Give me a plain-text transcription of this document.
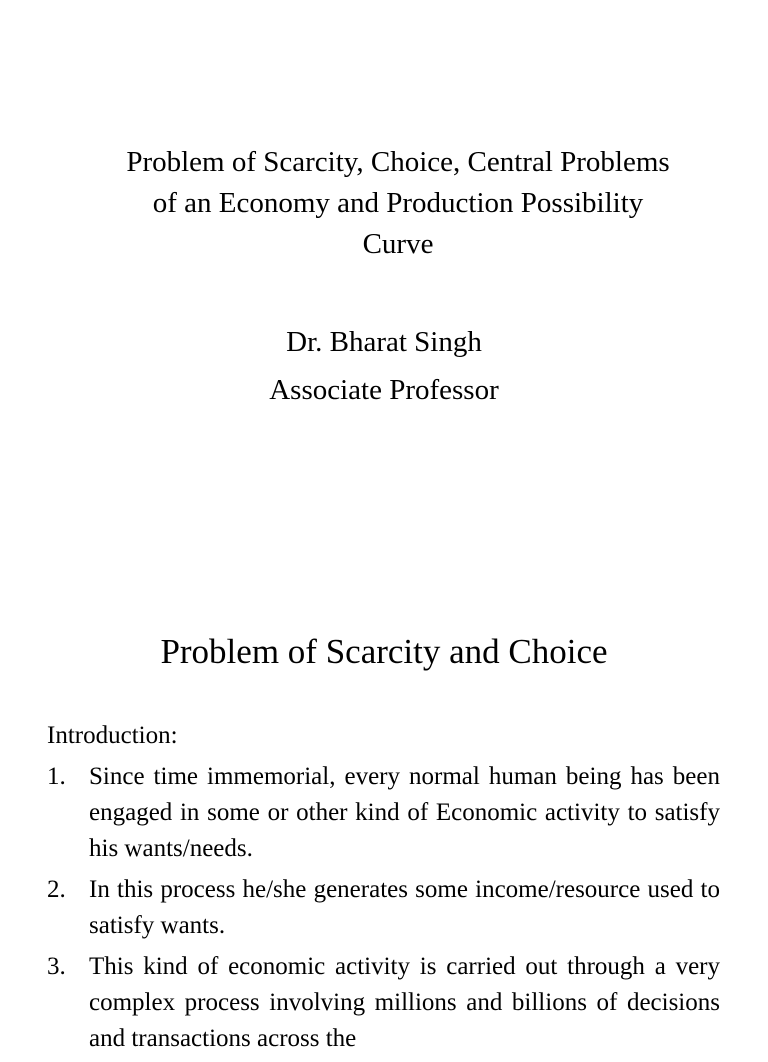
Problem of Scarcity, Choice, Central Problems
of an Economy and Production Possibility
Curve
Dr. Bharat Singh
Associate Professor
Problem of Scarcity and Choice
Introduction:
1. Since time immemorial, every normal human being has been engaged in some or other kind of Economic activity to satisfy his wants/needs.
2. In this process he/she generates some income/resource used to satisfy wants.
3. This kind of economic activity is carried out through a very complex process involving millions and billions of decisions and transactions across the
